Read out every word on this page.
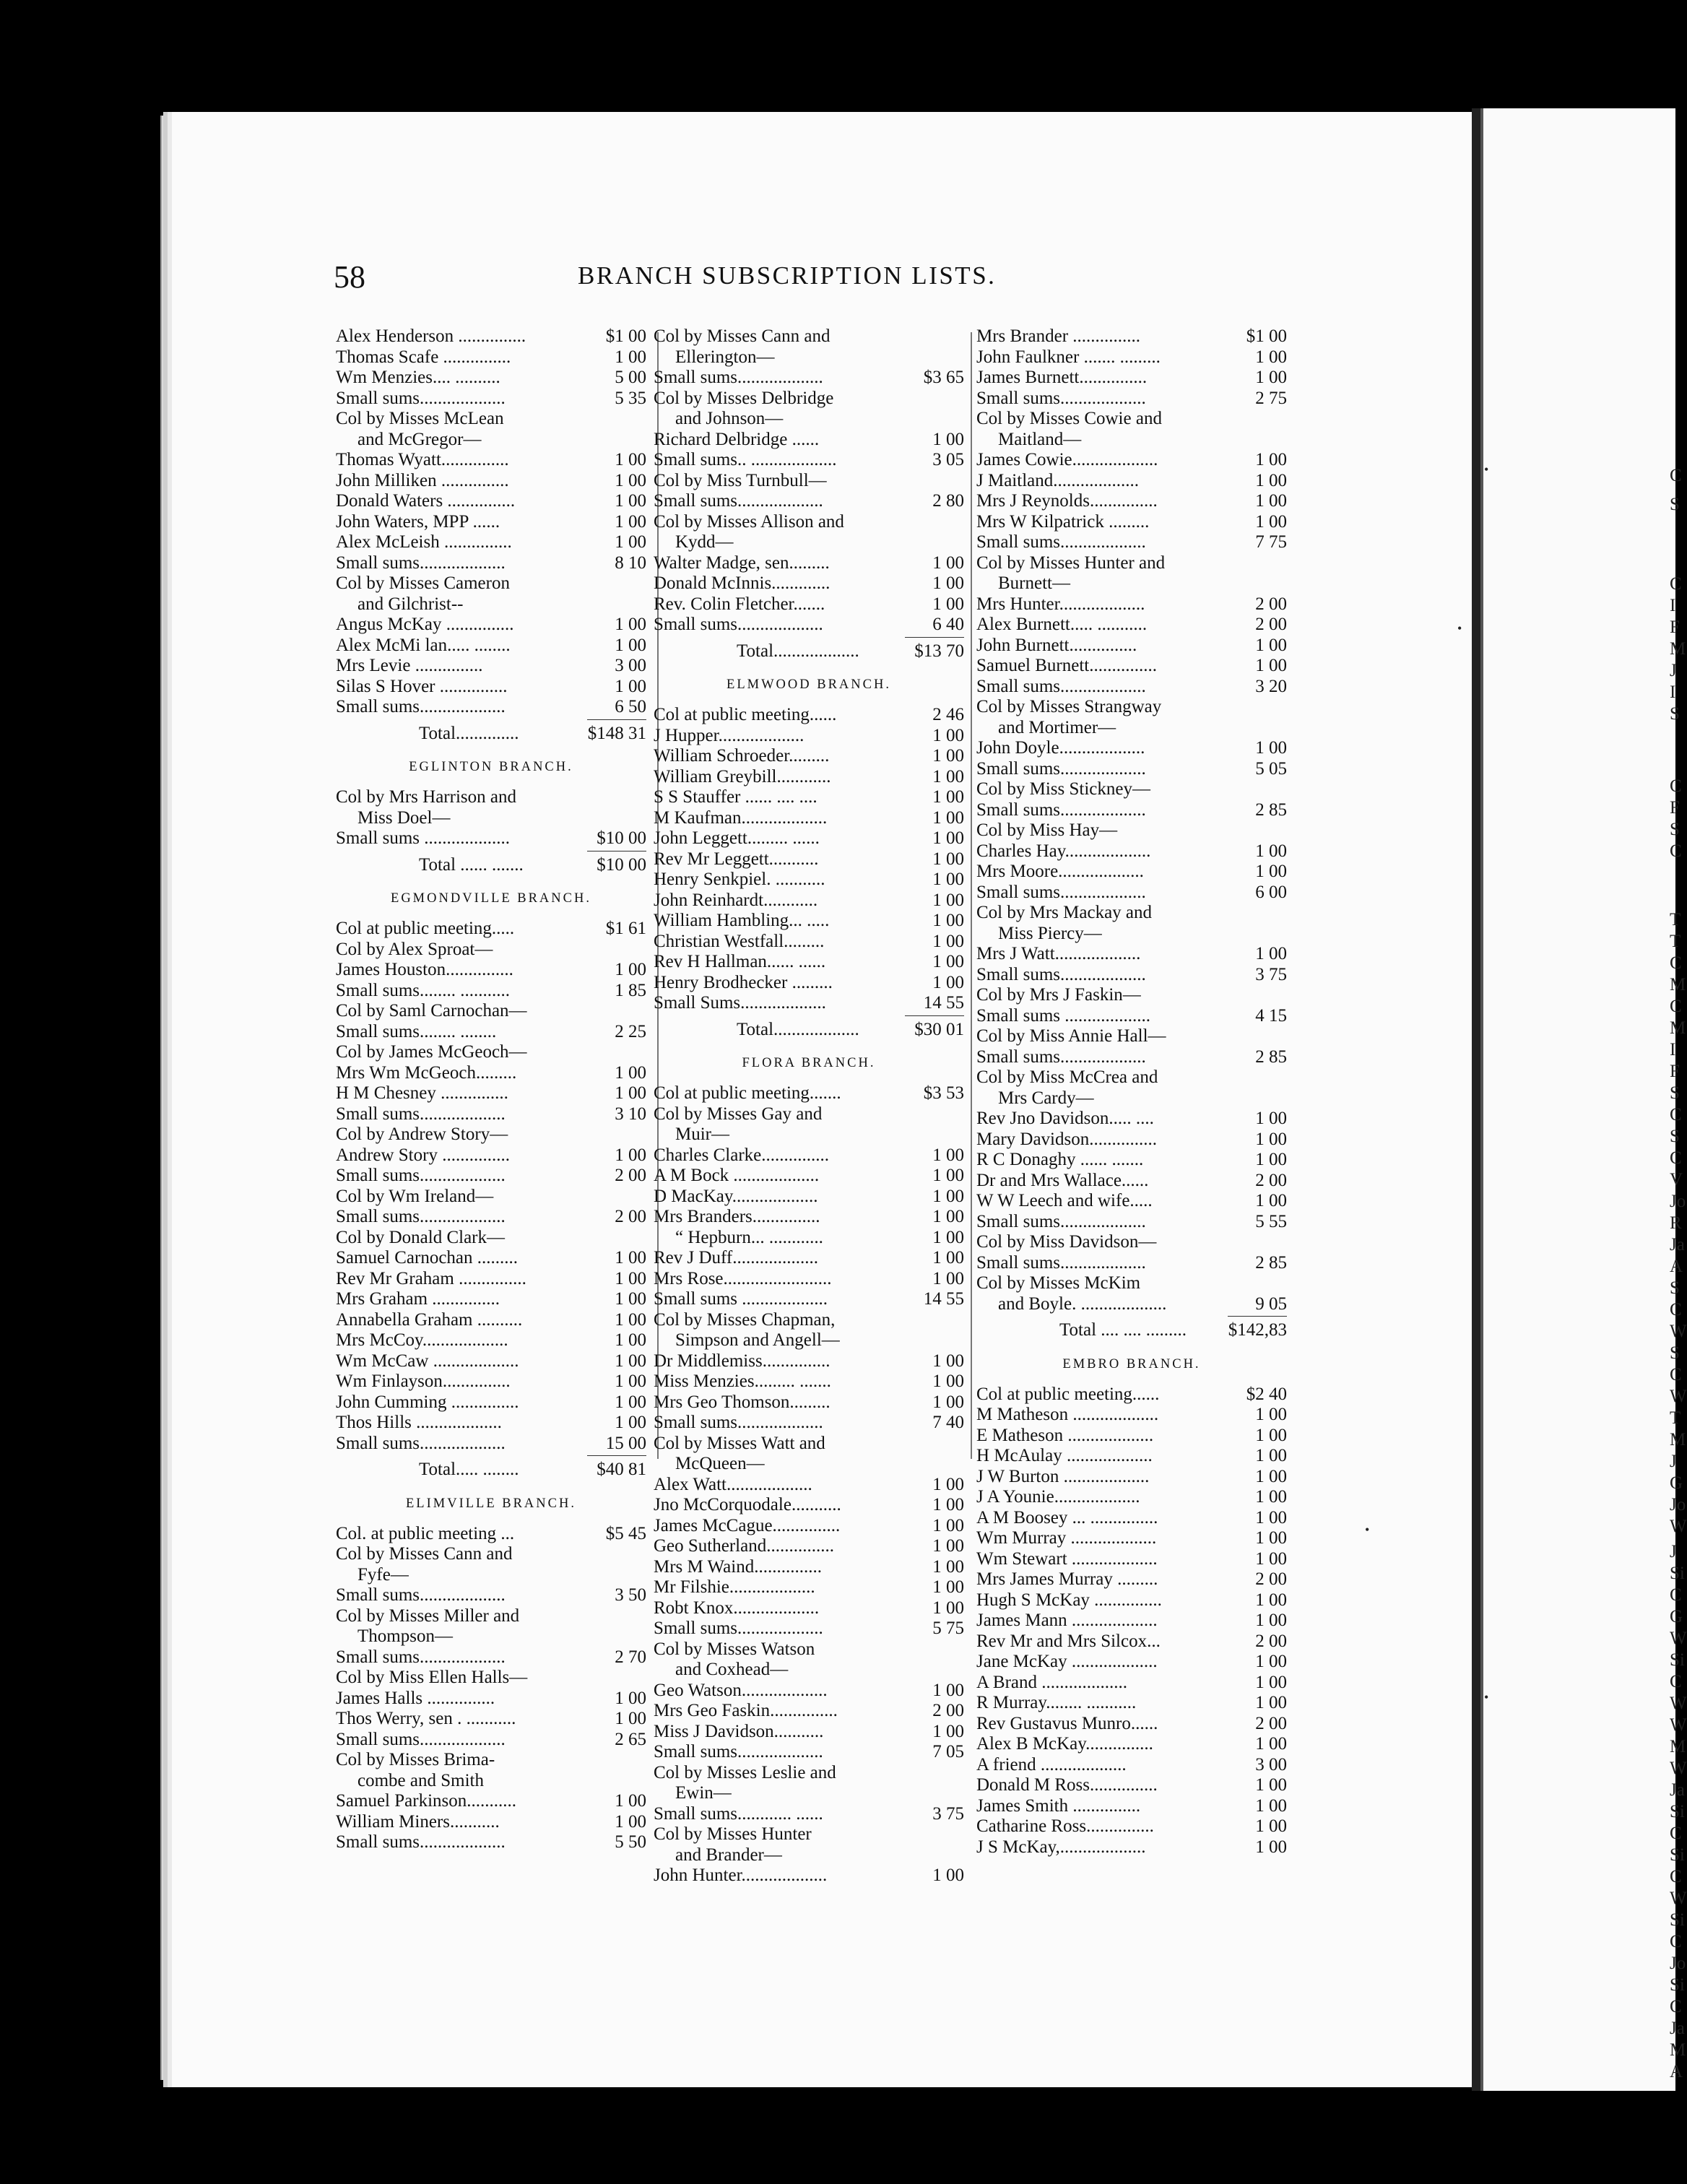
C
S
C
I
F
M
J
I
S
C
F
S
C
T
T
C
M
C
M
I
F
S
C
S
C
V
Jo
R
Ja
A
S
C
W
S
C
W
T
M
J
G
Jo
W
J
Si
C
G
W
Si
C
W
W
M
W
Ja
Si
C
Si
C
W
Si
C
Jo
Si
C
Ja
M
A
•
•
•
•
58	BRANCH SUBSCRIPTION LISTS.
Alex Henderson ...............	$1 00
Thomas Scafe ...............	1 00
Wm Menzies.... ..........	5 00
Small sums...................	5 35
Col by Misses McLean
and McGregor—
Thomas Wyatt...............	1 00
John Milliken ...............	1 00
Donald Waters ...............	1 00
John Waters, MPP ......	1 00
Alex McLeish ...............	1 00
Small sums...................	8 10
Col by Misses Cameron
and Gilchrist--
Angus McKay ...............	1 00
Alex McMi lan..... ........	1 00
Mrs Levie ...............	3 00
Silas S Hover ...............	1 00
Small sums...................	6 50
Total..............	$148 31
EGLINTON BRANCH.
Col by Mrs Harrison and
Miss Doel—
Small sums ...................	$10 00
Total ...... .......	$10 00
EGMONDVILLE BRANCH.
Col at public meeting.....	$1 61
Col by Alex Sproat—
James Houston...............	1 00
Small sums........ ...........	1 85
Col by Saml Carnochan—
Small sums........ ........	2 25
Col by James McGeoch—
Mrs Wm McGeoch.........	1 00
H M Chesney ...............	1 00
Small sums...................	3 10
Col by Andrew Story—
Andrew Story ...............	1 00
Small sums...................	2 00
Col by Wm Ireland—
Small sums...................	2 00
Col by Donald Clark—
Samuel Carnochan .........	1 00
Rev Mr Graham ...............	1 00
Mrs Graham ...............	1 00
Annabella Graham ..........	1 00
Mrs McCoy...................	1 00
Wm McCaw ...................	1 00
Wm Finlayson...............	1 00
John Cumming ...............	1 00
Thos Hills ...................	1 00
Small sums...................	15 00
Total..... ........	$40 81
ELIMVILLE BRANCH.
Col. at public meeting ...	$5 45
Col by Misses Cann and
Fyfe—
Small sums...................	3 50
Col by Misses Miller and
Thompson—
Small sums...................	2 70
Col by Miss Ellen Halls—
James Halls ...............	1 00
Thos Werry, sen . ...........	1 00
Small sums...................	2 65
Col by Misses Brima-
combe and Smith
Samuel Parkinson...........	1 00
William Miners...........	1 00
Small sums...................	5 50
Col by Misses Cann and
Ellerington—
Small sums...................	$3 65
Col by Misses Delbridge
and Johnson—
Richard Delbridge ......	1 00
Small sums.. ...................	3 05
Col by Miss Turnbull—
Small sums...................	2 80
Col by Misses Allison and
Kydd—
Walter Madge, sen.........	1 00
Donald McInnis.............	1 00
Rev. Colin Fletcher.......	1 00
Small sums...................	6 40
Total...................	$13 70
ELMWOOD BRANCH.
Col at public meeting......	2 46
J Hupper...................	1 00
William Schroeder.........	1 00
William Greybill............	1 00
S S Stauffer ...... .... ....	1 00
M Kaufman...................	1 00
John Leggett......... ......	1 00
Rev Mr Leggett...........	1 00
Henry Senkpiel. ...........	1 00
John Reinhardt............	1 00
William Hambling... .....	1 00
Christian Westfall.........	1 00
Rev H Hallman...... ......	1 00
Henry Brodhecker .........	1 00
Small Sums...................	14 55
Total...................	$30 01
FLORA BRANCH.
Col at public meeting.......	$3 53
Col by Misses Gay and
Muir—
Charles Clarke...............	1 00
A M Bock ...................	1 00
D MacKay...................	1 00
Mrs Branders...............	1 00
“ Hepburn... ............	1 00
Rev J Duff...................	1 00
Mrs Rose........................	1 00
Small sums ...................	14 55
Col by Misses Chapman,
Simpson and Angell—
Dr Middlemiss...............	1 00
Miss Menzies......... .......	1 00
Mrs Geo Thomson.........	1 00
Small sums...................	7 40
Col by Misses Watt and
McQueen—
Alex Watt...................	1 00
Jno McCorquodale...........	1 00
James McCague...............	1 00
Geo Sutherland...............	1 00
Mrs M Waind...............	1 00
Mr Filshie...................	1 00
Robt Knox...................	1 00
Small sums...................	5 75
Col by Misses Watson
and Coxhead—
Geo Watson...................	1 00
Mrs Geo Faskin...............	2 00
Miss J Davidson...........	1 00
Small sums...................	7 05
Col by Misses Leslie and
Ewin—
Small sums............ ......	3 75
Col by Misses Hunter
and Brander—
John Hunter...................	1 00
Mrs Brander ...............	$1 00
John Faulkner ....... .........	1 00
James Burnett...............	1 00
Small sums...................	2 75
Col by Misses Cowie and
Maitland—
James Cowie...................	1 00
J Maitland...................	1 00
Mrs J Reynolds...............	1 00
Mrs W Kilpatrick .........	1 00
Small sums...................	7 75
Col by Misses Hunter and
Burnett—
Mrs Hunter...................	2 00
Alex Burnett..... ...........	2 00
John Burnett...............	1 00
Samuel Burnett...............	1 00
Small sums...................	3 20
Col by Misses Strangway
and Mortimer—
John Doyle...................	1 00
Small sums...................	5 05
Col by Miss Stickney—
Small sums...................	2 85
Col by Miss Hay—
Charles Hay...................	1 00
Mrs Moore...................	1 00
Small sums...................	6 00
Col by Mrs Mackay and
Miss Piercy—
Mrs J Watt...................	1 00
Small sums...................	3 75
Col by Mrs J Faskin—
Small sums ...................	4 15
Col by Miss Annie Hall—
Small sums...................	2 85
Col by Miss McCrea and
Mrs Cardy—
Rev Jno Davidson..... ....	1 00
Mary Davidson...............	1 00
R C Donaghy ...... .......	1 00
Dr and Mrs Wallace......	2 00
W W Leech and wife.....	1 00
Small sums...................	5 55
Col by Miss Davidson—
Small sums...................	2 85
Col by Misses McKim
and Boyle. ...................	9 05
Total .... .... ......... $142,83
EMBRO BRANCH.
Col at public meeting......	$2 40
M Matheson ...................	1 00
E Matheson ...................	1 00
H McAulay ...................	1 00
J W Burton ...................	1 00
J A Younie...................	1 00
A M Boosey ... ...............	1 00
Wm Murray ...................	1 00
Wm Stewart ...................	1 00
Mrs James Murray .........	2 00
Hugh S McKay ...............	1 00
James Mann ...................	1 00
Rev Mr and Mrs Silcox...	2 00
Jane McKay ...................	1 00
A Brand ...................	1 00
R Murray........ ...........	1 00
Rev Gustavus Munro......	2 00
Alex B McKay...............	1 00
A friend ...................	3 00
Donald M Ross...............	1 00
James Smith ...............	1 00
Catharine Ross...............	1 00
J S McKay,...................	1 00
